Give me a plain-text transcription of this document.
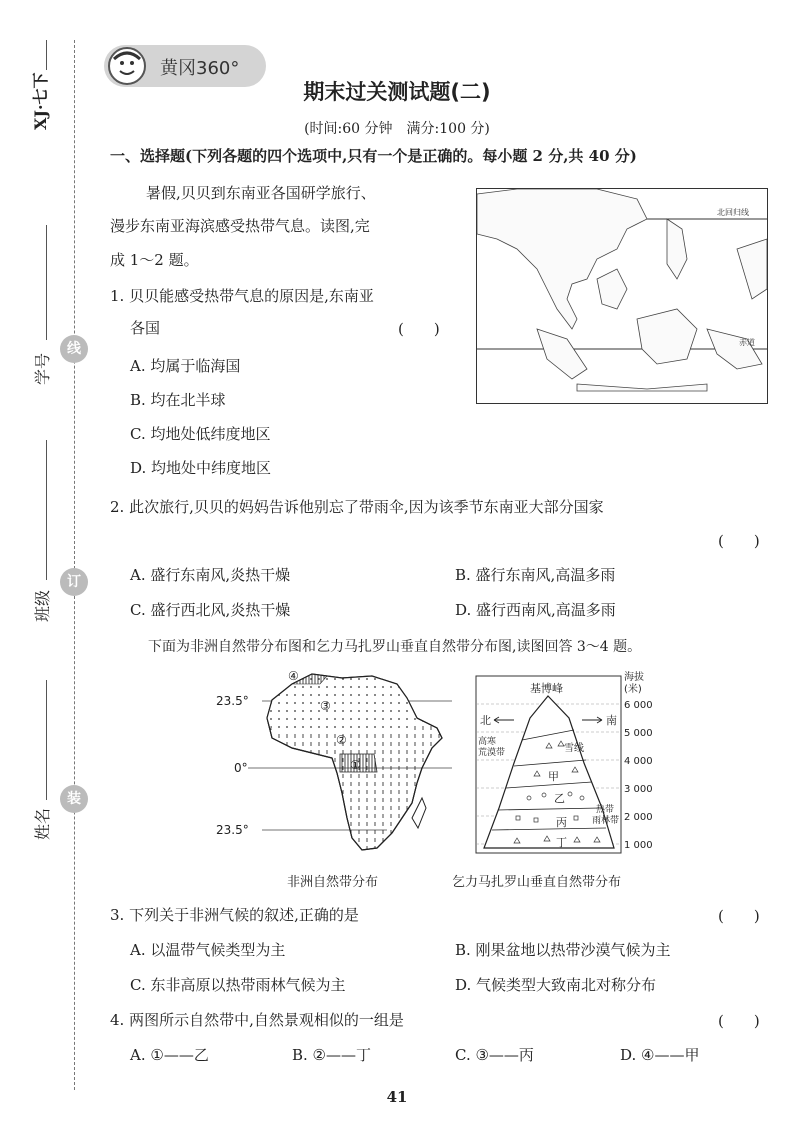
XJ·七下
学号
班级
姓名
线
订
装
黄冈360°
期末过关测试题(二)
(时间:60 分钟　满分:100 分)
一、选择题(下列各题的四个选项中,只有一个是正确的。每小题 2 分,共 40 分)
暑假,贝贝到东南亚各国研学旅行、
漫步东南亚海滨感受热带气息。读图,完
成 1～2 题。
北回归线
赤道
1. 贝贝能感受热带气息的原因是,东南亚
各国	(　　)
A. 均属于临海国
B. 均在北半球
C. 均地处低纬度地区
D. 均地处中纬度地区
2. 此次旅行,贝贝的妈妈告诉他别忘了带雨伞,因为该季节东南亚大部分国家
(　　)
A. 盛行东南风,炎热干燥	B. 盛行东南风,高温多雨
C. 盛行西北风,炎热干燥	D. 盛行西南风,高温多雨
下面为非洲自然带分布图和乞力马扎罗山垂直自然带分布图,读图回答 3～4 题。
23.5°
0°
23.5°
④
③
②
①
非洲自然带分布
基博峰
北	南
高寒
荒漠带	雪线
甲
乙
丙
丁
热带
雨林带
海拔
(米)
6 000
5 000
4 000
3 000
2 000
1 000
乞力马扎罗山垂直自然带分布
3. 下列关于非洲气候的叙述,正确的是	(　　)
A. 以温带气候类型为主	B. 刚果盆地以热带沙漠气候为主
C. 东非高原以热带雨林气候为主	D. 气候类型大致南北对称分布
4. 两图所示自然带中,自然景观相似的一组是	(　　)
A. ①——乙	B. ②——丁	C. ③——丙	D. ④——甲
41
